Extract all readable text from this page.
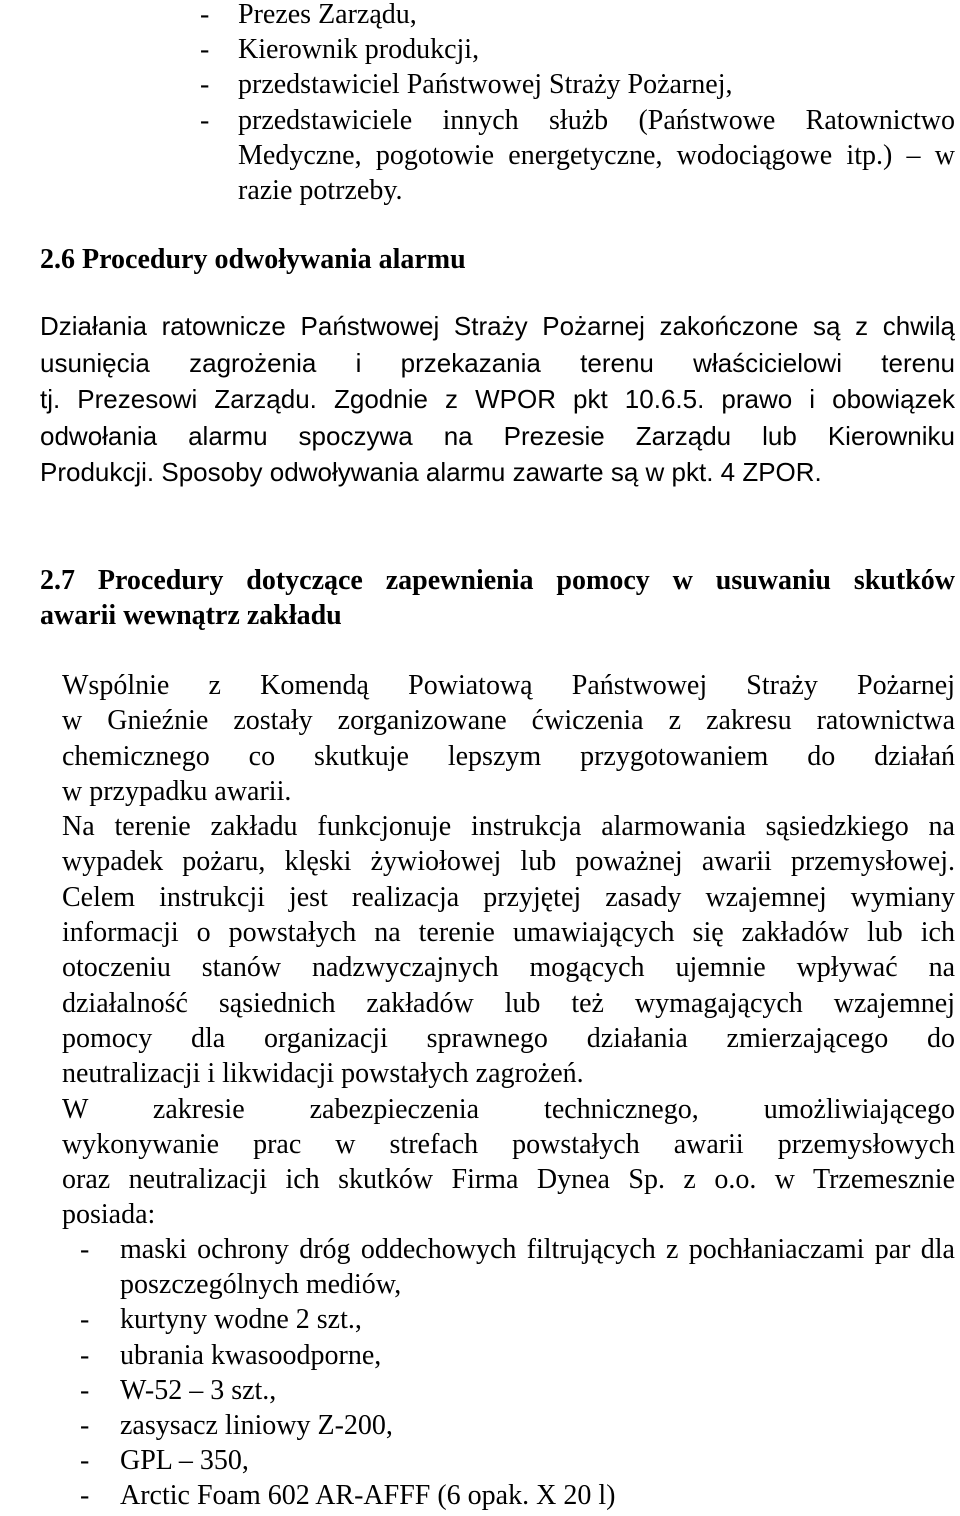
- Prezes Zarządu,
- Kierownik produkcji,
- przedstawiciel Państwowej Straży Pożarnej,
- przedstawiciele innych służb (Państwowe Ratownictwo Medyczne, pogotowie energetyczne, wodociągowe itp.) – w razie potrzeby.
2.6 Procedury odwoływania alarmu
Działania ratownicze Państwowej Straży Pożarnej zakończone są z chwilą
usunięcia zagrożenia i przekazania terenu właścicielowi terenu
tj. Prezesowi Zarządu. Zgodnie z WPOR pkt 10.6.5. prawo i obowiązek
odwołania alarmu spoczywa na Prezesie Zarządu lub Kierowniku
Produkcji. Sposoby odwoływania alarmu zawarte są w pkt. 4 ZPOR.
2.7 Procedury dotyczące zapewnienia pomocy w usuwaniu skutków
awarii wewnątrz zakładu
Wspólnie z Komendą Powiatową Państwowej Straży Pożarnej
w Gnieźnie zostały zorganizowane ćwiczenia z zakresu ratownictwa
chemicznego co skutkuje lepszym przygotowaniem do działań
w przypadku awarii.
Na terenie zakładu funkcjonuje instrukcja alarmowania sąsiedzkiego na
wypadek pożaru, klęski żywiołowej lub poważnej awarii przemysłowej.
Celem instrukcji jest realizacja przyjętej zasady wzajemnej wymiany
informacji o powstałych na terenie umawiających się zakładów lub ich
otoczeniu stanów nadzwyczajnych mogących ujemnie wpływać na
działalność sąsiednich zakładów lub też wymagających wzajemnej
pomocy dla organizacji sprawnego działania zmierzającego do
neutralizacji i likwidacji powstałych zagrożeń.
W zakresie zabezpieczenia technicznego, umożliwiającego
wykonywanie prac w strefach powstałych awarii przemysłowych
oraz neutralizacji ich skutków Firma Dynea Sp. z o.o. w Trzemesznie
posiada:
- maski ochrony dróg oddechowych filtrujących z pochłaniaczami par dla poszczególnych mediów,
- kurtyny wodne 2 szt.,
- ubrania kwasoodporne,
- W-52 – 3 szt.,
- zasysacz liniowy Z-200,
- GPL – 350,
- Arctic Foam 602 AR-AFFF (6 opak. X 20 l)
